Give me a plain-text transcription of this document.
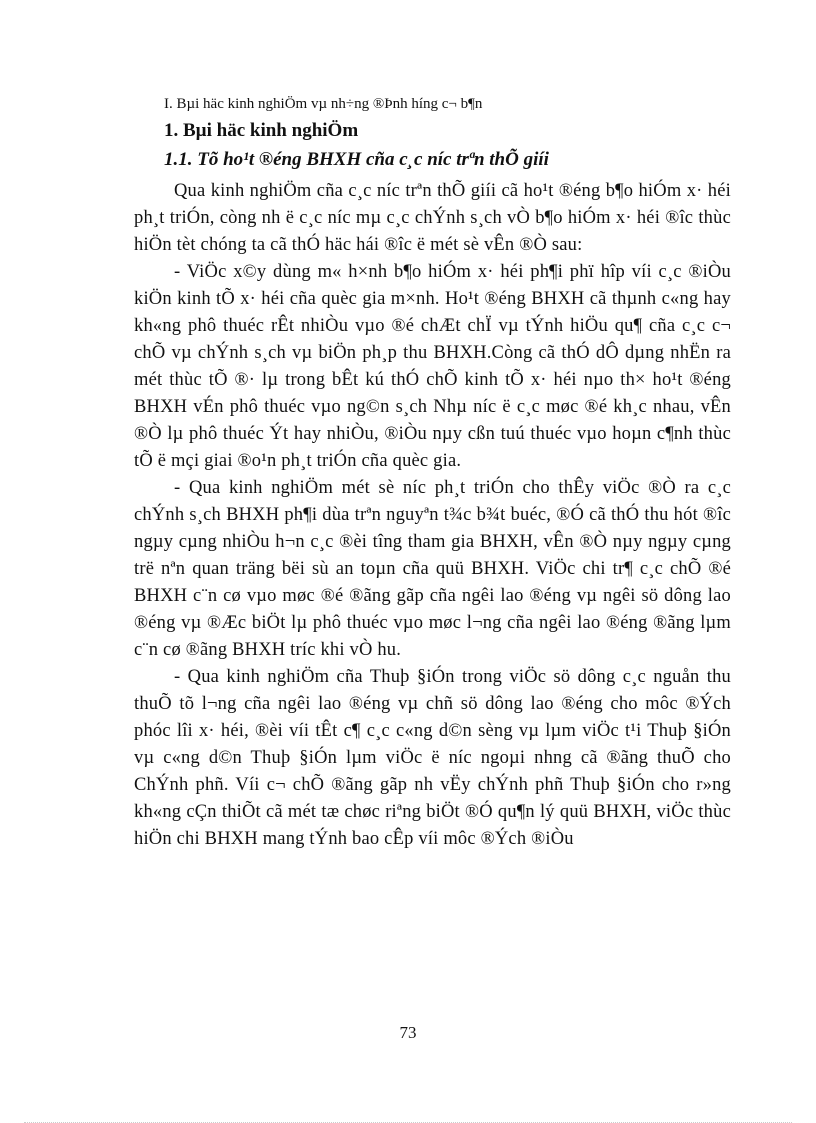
I. Bµi häc kinh nghiÖm vµ nh÷ng ®Þnh híng c¬ b¶n
1. Bµi häc kinh nghiÖm
1.1. Tõ ho¹t ®éng BHXH cña c¸c níc trªn thÕ giíi

Qua kinh nghiÖm cña c¸c níc trªn thÕ giíi cã ho¹t ®éng b¶o hiÓm x· héi ph¸t triÓn, còng nh ë c¸c níc mµ c¸c chÝnh s¸ch vÒ b¶o hiÓm x· héi ®îc thùc hiÖn tèt chóng ta cã thÓ häc hái ®îc ë mét sè vÊn ®Ò sau:

- ViÖc x©y dùng m« h×nh b¶o hiÓm x· héi ph¶i phï hîp víi c¸c ®iÒu kiÖn kinh tÕ x· héi cña quèc gia m×nh. Ho¹t ®éng BHXH cã thµnh c«ng hay kh«ng phô thuéc rÊt nhiÒu vµo ®é chÆt chÏ vµ tÝnh hiÖu qu¶ cña c¸c c¬ chÕ vµ chÝnh s¸ch vµ biÖn ph¸p thu BHXH.Còng cã thÓ dÔ dµng nhËn ra mét thùc tÕ ®· lµ trong bÊt kú thÓ chÕ kinh tÕ x· héi nµo th× ho¹t ®éng BHXH vÉn phô thuéc vµo ng©n s¸ch Nhµ níc ë c¸c møc ®é kh¸c nhau, vÊn ®Ò lµ phô thuéc Ýt hay nhiÒu, ®iÒu nµy cßn tuú thuéc vµo hoµn c¶nh thùc tÕ ë mçi giai ®o¹n ph¸t triÓn cña quèc gia.

- Qua kinh nghiÖm mét sè níc ph¸t triÓn cho thÊy viÖc ®Ò ra c¸c chÝnh s¸ch BHXH ph¶i dùa trªn nguyªn t¾c b¾t buéc, ®Ó cã thÓ thu hót ®îc ngµy cµng nhiÒu h¬n c¸c ®èi tîng tham gia BHXH, vÊn ®Ò nµy ngµy cµng trë nªn quan träng bëi sù an toµn cña quü BHXH. ViÖc chi tr¶ c¸c chÕ ®é BHXH c¨n cø vµo møc ®é ®ãng gãp cña ngêi lao ®éng vµ ngêi sö dông lao ®éng vµ ®Æc biÖt lµ phô thuéc vµo møc l¬ng cña ngêi lao ®éng ®ãng lµm c¨n cø ®ãng BHXH tríc khi vÒ hu.

- Qua kinh nghiÖm cña Thuþ §iÓn trong viÖc sö dông c¸c nguån thu thuÕ tõ l¬ng cña ngêi lao ®éng vµ chñ sö dông lao ®éng cho môc ®Ých phóc lîi x· héi, ®èi víi tÊt c¶ c¸c c«ng d©n sèng vµ lµm viÖc t¹i Thuþ §iÓn vµ c«ng d©n Thuþ §iÓn lµm viÖc ë níc ngoµi nhng cã ®ãng thuÕ cho ChÝnh phñ. Víi c¬ chÕ ®ãng gãp nh vËy chÝnh phñ Thuþ §iÓn cho r»ng kh«ng cÇn thiÕt cã mét tæ chøc riªng biÖt ®Ó qu¶n lý quü BHXH, viÖc thùc hiÖn chi BHXH mang tÝnh bao cÊp víi môc ®Ých ®iÒu

73
